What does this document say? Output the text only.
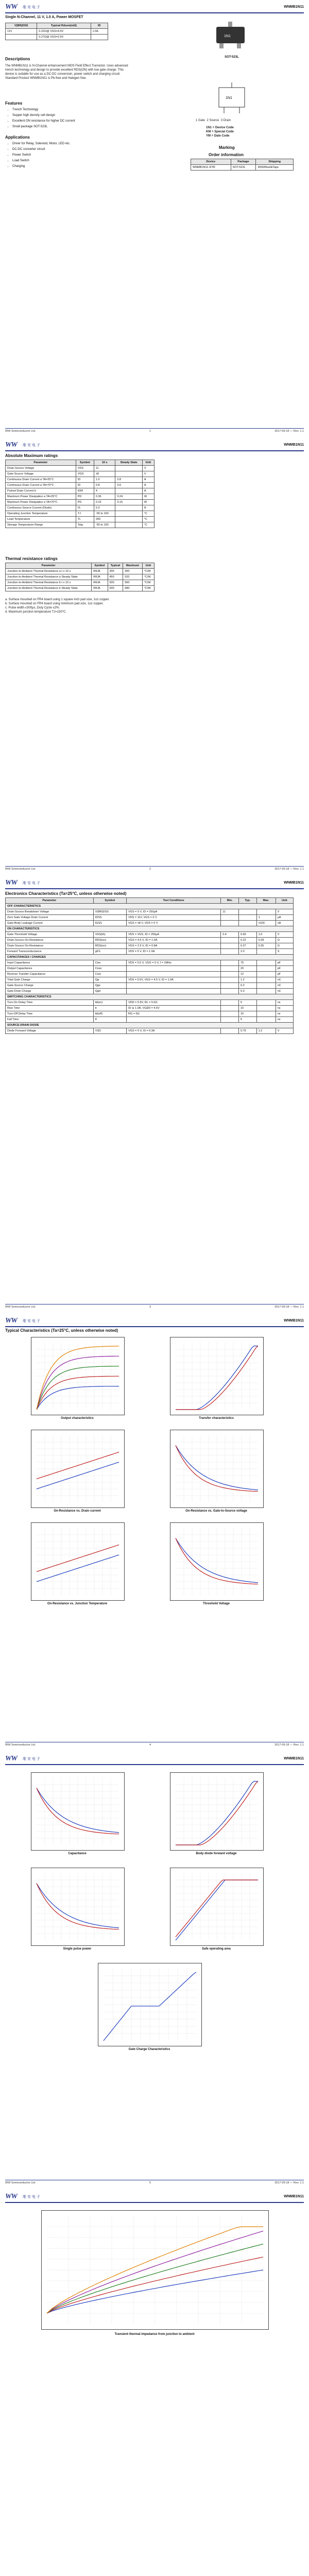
WW 维 安 电 子	WNMB1N11
Single N-Channel, 11 V, 1.0 A, Power MOSFET
V(BR)DSS	Typical Rdson(mΩ)	ID
11V	0.22Ω@ VGS=4.5V	1.0A
	0.27Ω@ VGS=2.5V		1N1
SOT-523L
Descriptions
The WNMB1N11 is N-Channel enhancement MOS Field Effect Transistor. Uses advanced trench technology and design to provide excellent RDS(ON) with low gate charge. This device is suitable for use as a DC-DC conversion, power switch and charging circuit. Standard Product WNMB1N11 is Pb-free and Halogen free.
Features
• Trench Technology
• Supper high density cell design
• Excellent ON resistance for higher DC current
• Small package SOT-523L
Applications
• Driver for Relay, Solenoid, Motor, LED etc.
• DC-DC converter circuit
• Power Switch
• Load Switch
• Charging
1N1
1 Gate 2 Source 3 Drain
1N1 = Device Code
KM = Special Code
YM = Date Code
Marking
Order information
Device	Package	Shipping
WNMB1N11-3/TR	SOT-523L	3000/Reel&Tape
WW Semiconductor Ltd.	1	2017-09-18 — Rev. 1.1
WW 维 安 电 子	WNMB1N11
Absolute Maximum ratings
Parameter	Symbol	10 s	Steady State	Unit
Drain-Source Voltage	VDS	11		V
Gate-Source Voltage	VGS	±8		V
Continuous Drain Current a TA=25°C	ID	1.0	0.8	A
Continuous Drain Current a TA=70°C	ID	0.8	0.6	A
Pulsed Drain Current b	IDM	4		A
Maximum Power Dissipation a TA=25°C	PD	0.36	0.24	W
Maximum Power Dissipation a TA=70°C	PD	0.23	0.15	W
Continuous Source Current (Diode)	IS	0.3		A
Operating Junction Temperature	TJ	-55 to 150		°C
Lead Temperature	TL	260		°C
Storage Temperature Range	Tstg	-55 to 150		°C
Thermal resistance ratings
Parameter	Symbol	Typical	Maximum	Unit
Junction-to-Ambient Thermal Resistance a t ≤ 10 s	RθJA	300	350	°C/W
Junction-to-Ambient Thermal Resistance a Steady State	RθJA	450	520	°C/W
Junction-to-Ambient Thermal Resistance b t ≤ 10 s	RθJA	500	560	°C/W
Junction-to-Ambient Thermal Resistance b Steady State	RθJA	600	680	°C/W
a. Surface mounted on FR4 board using 1 square inch pad size, 1oz copper.
b. Surface mounted on FR4 board using minimum pad size, 1oz copper.
c. Pulse width ≤300μs, Duty Cycle ≤2%.
d. Maximum junction temperature TJ=150°C.
WW Semiconductor Ltd.	2	2017-09-18 — Rev. 1.1
WW 维 安 电 子	WNMB1N11
Electronics Characteristics (Ta=25°C, unless otherwise noted)
Parameter	Symbol	Test Conditions	Min.	Typ.	Max.	Unit
OFF CHARACTERISTICS						
Drain-Source Breakdown Voltage	V(BR)DSS	VGS = 0 V, ID = 250μA	11			V
Zero Gate Voltage Drain Current	IDSS	VDS = 11V, VGS = 0 V			1	μA
Gate-Body Leakage Current	IGSS	VGS = ±8 V, VDS = 0 V			±100	nA
ON CHARACTERISTICS						
Gate-Threshold Voltage	VGS(th)	VDS = VGS, ID = 250μA	0.4	0.65	1.0	V
Drain-Source On-Resistance	RDS(on)	VGS = 4.5 V, ID = 1.0A		0.22	0.28	Ω
Drain-Source On-Resistance	RDS(on)	VGS = 2.5 V, ID = 0.8A		0.27	0.35	Ω
Forward Transconductance	gFS	VDS = 5 V, ID = 1.0A		2.0		S
CAPACITANCES / CHARGES						
Input Capacitance	Ciss	VDS = 5.5 V, VGS = 0 V, f = 1MHz		75		pF
Output Capacitance	Coss			20		pF
Reverse Transfer Capacitance	Crss			12		pF
Total Gate Charge	Qg	VDS = 5.5V, VGS = 4.5 V, ID = 1.0A		1.2		nC
Gate-Source Charge	Qgs			0.2		nC
Gate-Drain Charge	Qgd			0.3		nC
SWITCHING CHARACTERISTICS						
Turn-On Delay Time	td(on)	VDD = 5.5V, RL = 5.5Ω		5		ns
Rise Time	tr	ID ≅ 1.0A, VGEN = 4.5V		10		ns
Turn-Off Delay Time	td(off)	RG = 6Ω		15		ns
Fall Time	tf			5		ns
SOURCE-DRAIN DIODE						
Diode Forward Voltage	VSD	VGS = 0 V, IS = 0.3A		0.75	1.2	V
WW Semiconductor Ltd.	3	2017-09-18 — Rev. 1.1
WW 维 安 电 子	WNMB1N11
Typical Characteristics (Ta=25°C, unless otherwise noted)
Output characteristics	Transfer characteristics
On-Resistance vs. Drain current	On-Resistance vs. Gate-to-Source voltage
On-Resistance vs. Junction Temperature	Threshold Voltage
WW Semiconductor Ltd.	4	2017-09-18 — Rev. 1.1
WW 维 安 电 子	WNMB1N11
Capacitance	Body diode forward voltage
Single pulse power	Safe operating area
Gate Charge Characteristics
WW Semiconductor Ltd.	5	2017-09-18 — Rev. 1.1
WW 维 安 电 子	WNMB1N11
Transient thermal impedance from junction to ambient
